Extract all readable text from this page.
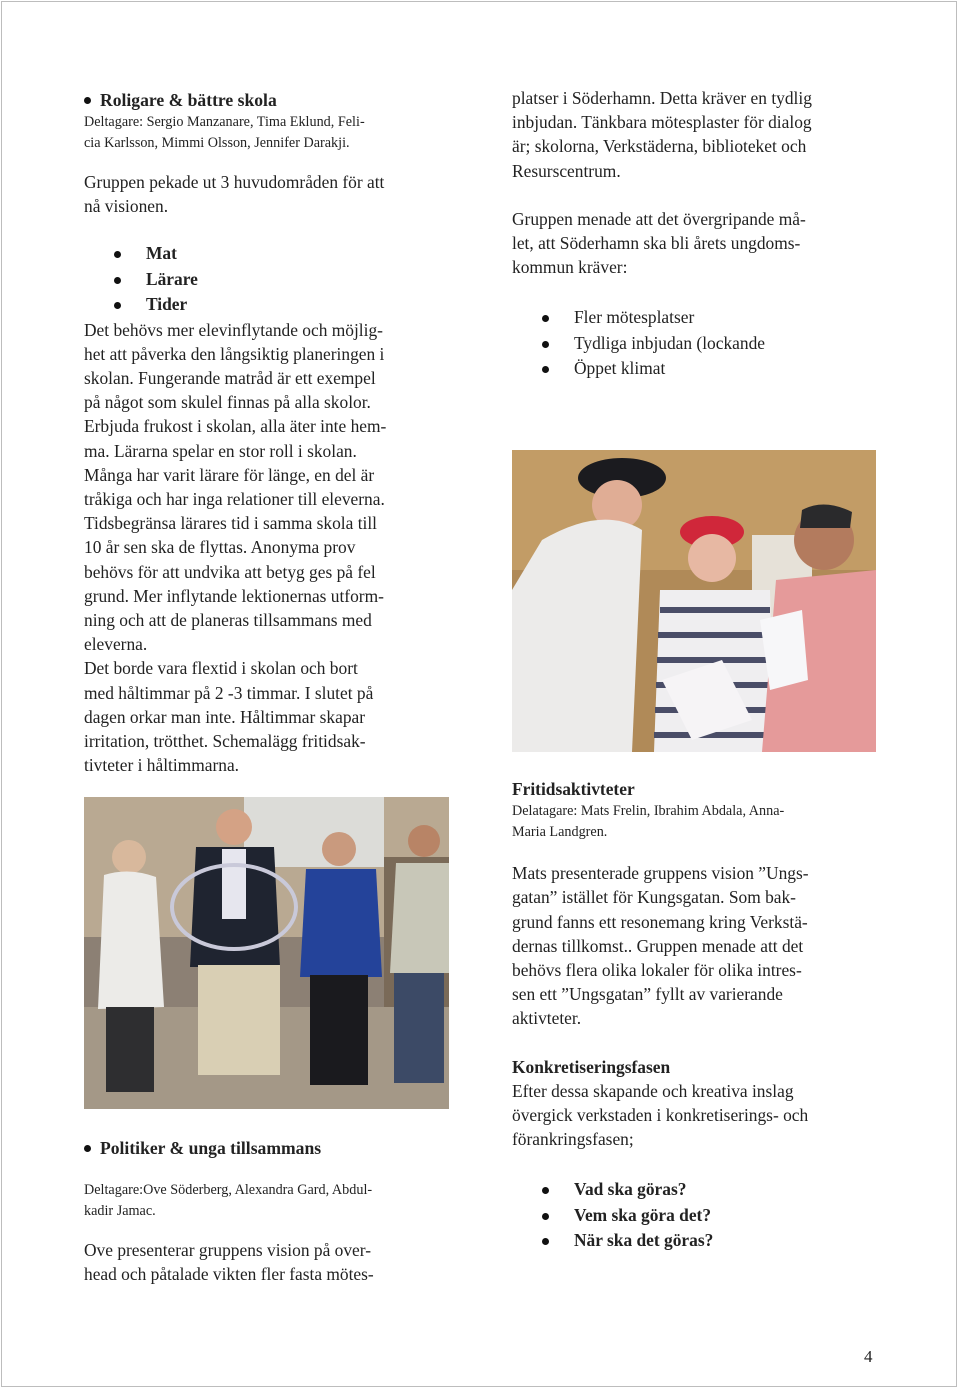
Roligare & bättre skola

Deltagare: Sergio Manzanare, Tima Eklund, Feli-

cia Karlsson, Mimmi Olsson, Jennifer Darakji.

Gruppen pekade ut 3 huvudområden för att

nå visionen.

Mat
Lärare
Tider

Det behövs mer elevinflytande och möjlig-

het att påverka den långsiktig planeringen i

skolan. Fungerande matråd är ett exempel

på något som skulel finnas på alla skolor.

Erbjuda frukost i skolan, alla äter inte hem-

ma. Lärarna spelar en stor roll i skolan.

Många har varit lärare för länge, en del är

tråkiga och har inga relationer till eleverna.

Tidsbegränsa lärares tid i samma skola till

10 år sen ska de flyttas. Anonyma prov

behövs för att undvika att betyg ges på fel

grund. Mer inflytande lektionernas utform-

ning och att de planeras tillsammans med

eleverna.

Det borde vara flextid i skolan och bort

med håltimmar på 2 -3 timmar. I slutet på

dagen orkar man inte. Håltimmar skapar

irritation, trötthet. Schemalägg fritidsak-

tivteter i håltimmarna.

Politiker & unga tillsammans

Deltagare:Ove Söderberg, Alexandra Gard, Abdul-

kadir Jamac.

Ove presenterar gruppens vision på over-

head och påtalade vikten fler fasta mötes-

platser i Söderhamn. Detta kräver en tydlig

inbjudan. Tänkbara mötesplaster för dialog

är; skolorna, Verkstäderna, biblioteket och

Resurscentrum.

Gruppen menade att det övergripande må-

let, att Söderhamn ska bli årets ungdoms-

kommun kräver:

Fler mötesplatser
Tydliga inbjudan (lockande
Öppet klimat

Fritidsaktivteter

Delatagare: Mats Frelin, Ibrahim Abdala, Anna-

Maria Landgren.

Mats presenterade gruppens vision ”Ungs-

gatan” istället för Kungsgatan. Som bak-

grund fanns ett resonemang kring Verkstä-

dernas tillkomst.. Gruppen menade att det

behövs flera olika lokaler för olika intres-

sen ett ”Ungsgatan” fyllt av varierande

aktivteter.

Konkretiseringsfasen

Efter dessa skapande och kreativa inslag

övergick verkstaden i konkretiserings- och

förankringsfasen;

Vad ska göras?
Vem ska göra det?
När ska det göras?
4
